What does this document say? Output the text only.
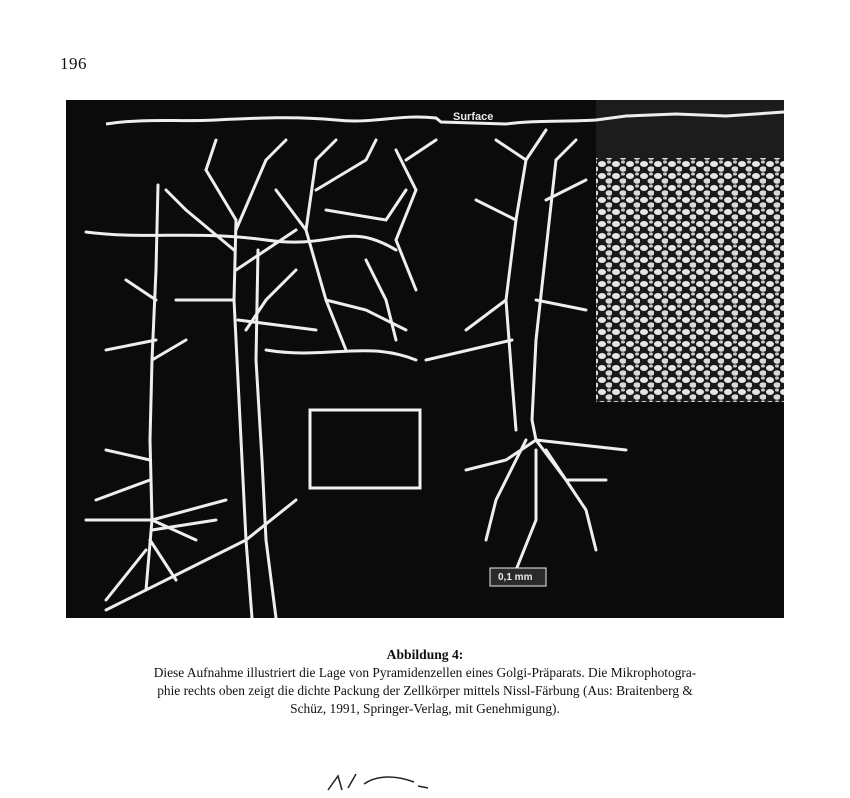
196
Surface
0,1 mm
Abbildung 4:
Diese Aufnahme illustriert die Lage von Pyramidenzellen eines Golgi-Präparats. Die Mikrophotogra-
phie rechts oben zeigt die dichte Packung der Zellkörper mittels Nissl-Färbung (Aus: Braitenberg &
Schüz, 1991, Springer-Verlag, mit Genehmigung).
